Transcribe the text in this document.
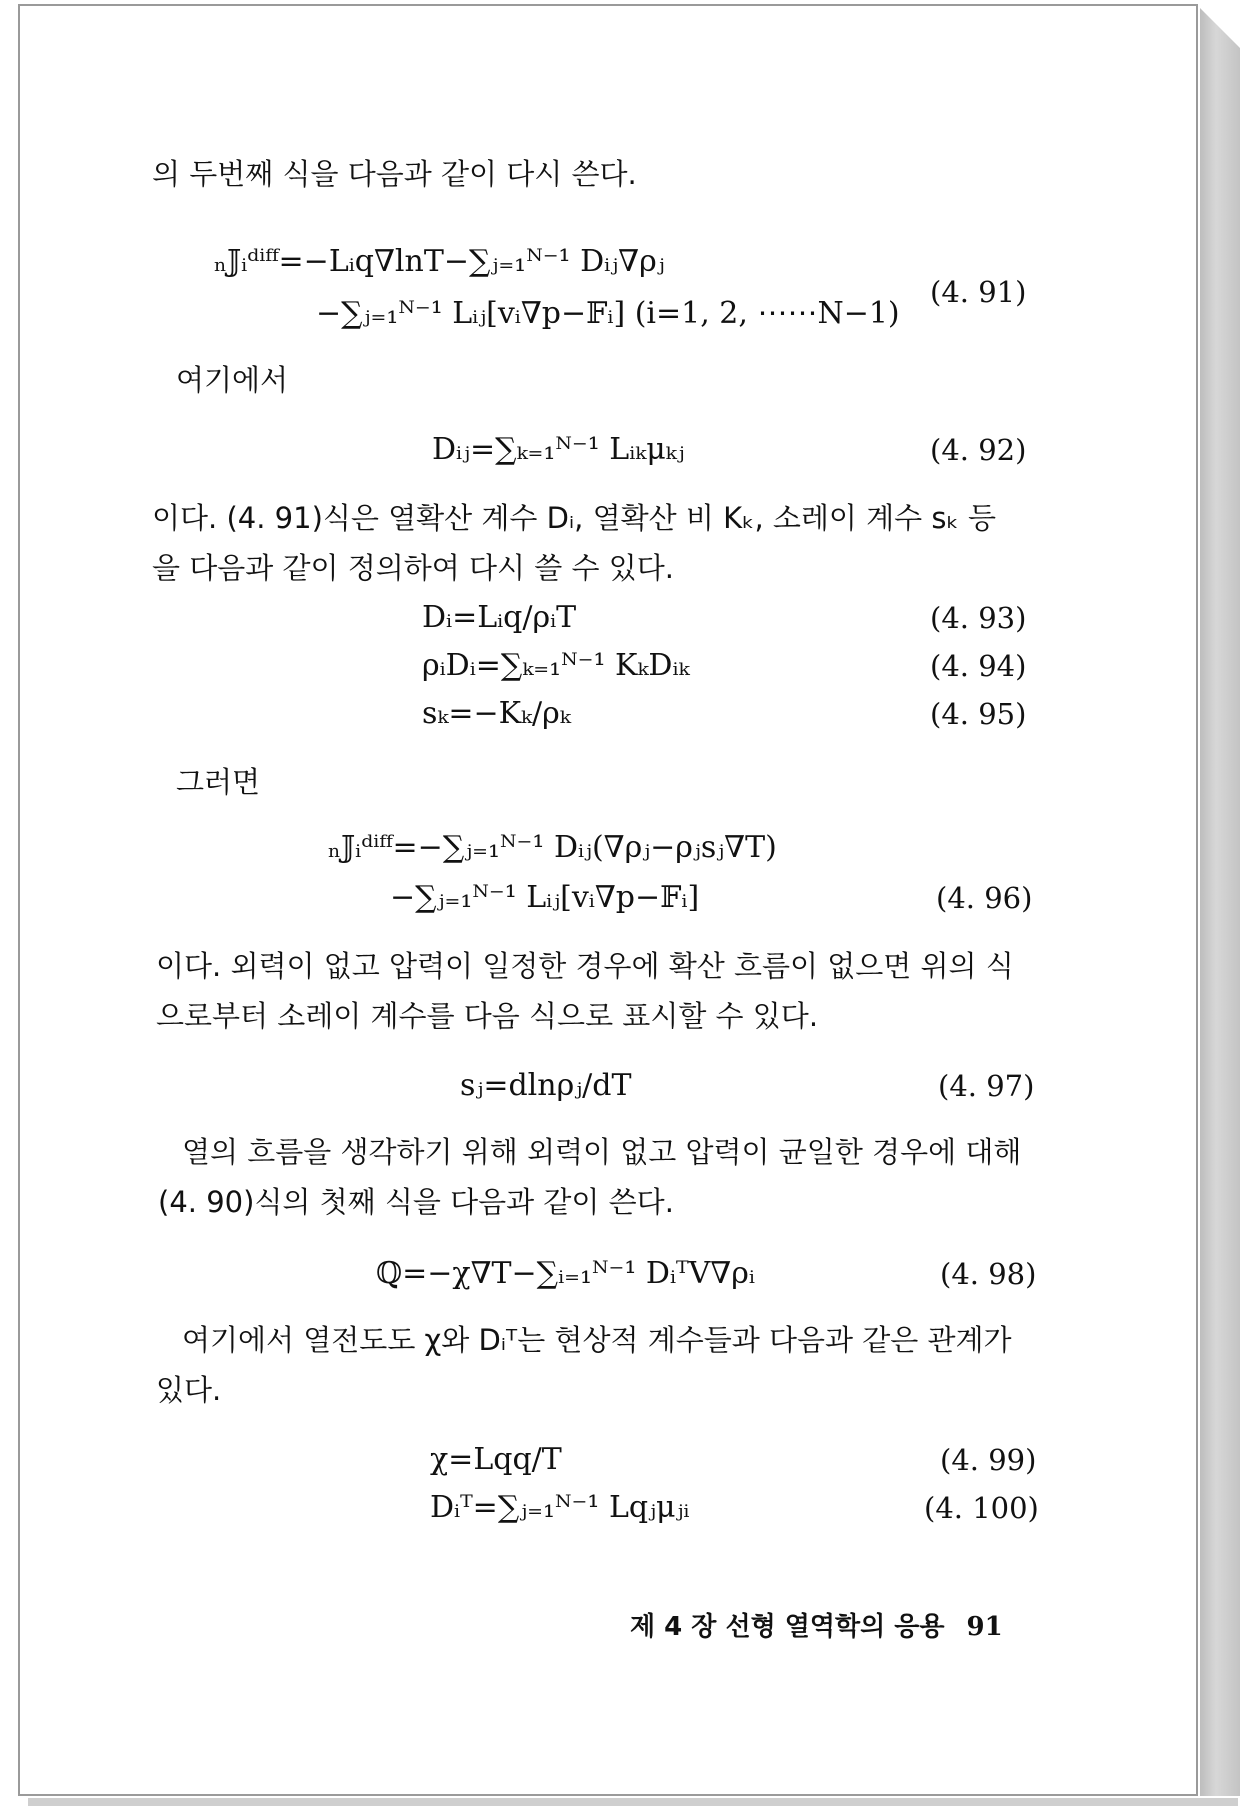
의 두번째 식을 다음과 같이 다시 쓴다.
ₙ𝕁ᵢᵈⁱᶠᶠ=−Lᵢq∇lnT−∑ⱼ₌₁ᴺ⁻¹ Dᵢⱼ∇ρⱼ
−∑ⱼ₌₁ᴺ⁻¹ Lᵢⱼ[vᵢ∇p−𝔽ᵢ] (i=1, 2, ⋯⋯N−1)
(4. 91)
여기에서
Dᵢⱼ=∑ₖ₌₁ᴺ⁻¹ Lᵢₖμₖⱼ	(4. 92)
이다. (4. 91)식은 열확산 계수 Dᵢ, 열확산 비 Kₖ, 소레이 계수 sₖ 등
을 다음과 같이 정의하여 다시 쓸 수 있다.
Dᵢ=Lᵢq/ρᵢT	(4. 93)
ρᵢDᵢ=∑ₖ₌₁ᴺ⁻¹ KₖDᵢₖ	(4. 94)
sₖ=−Kₖ/ρₖ	(4. 95)
그러면
ₙ𝕁ᵢᵈⁱᶠᶠ=−∑ⱼ₌₁ᴺ⁻¹ Dᵢⱼ(∇ρⱼ−ρⱼsⱼ∇T)
−∑ⱼ₌₁ᴺ⁻¹ Lᵢⱼ[vᵢ∇p−𝔽ᵢ]	(4. 96)
이다. 외력이 없고 압력이 일정한 경우에 확산 흐름이 없으면 위의 식
으로부터 소레이 계수를 다음 식으로 표시할 수 있다.
sⱼ=dlnρⱼ/dT	(4. 97)
열의 흐름을 생각하기 위해 외력이 없고 압력이 균일한 경우에 대해
(4. 90)식의 첫째 식을 다음과 같이 쓴다.
ℚ=−χ∇T−∑ᵢ₌₁ᴺ⁻¹ DᵢᵀV∇ρᵢ	(4. 98)
여기에서 열전도도 χ와 Dᵢᵀ는 현상적 계수들과 다음과 같은 관계가
있다.
χ=Lqq/T	(4. 99)
Dᵢᵀ=∑ⱼ₌₁ᴺ⁻¹ Lqⱼμⱼᵢ	(4. 100)
제 4 장 선형 열역학의 응용 91
